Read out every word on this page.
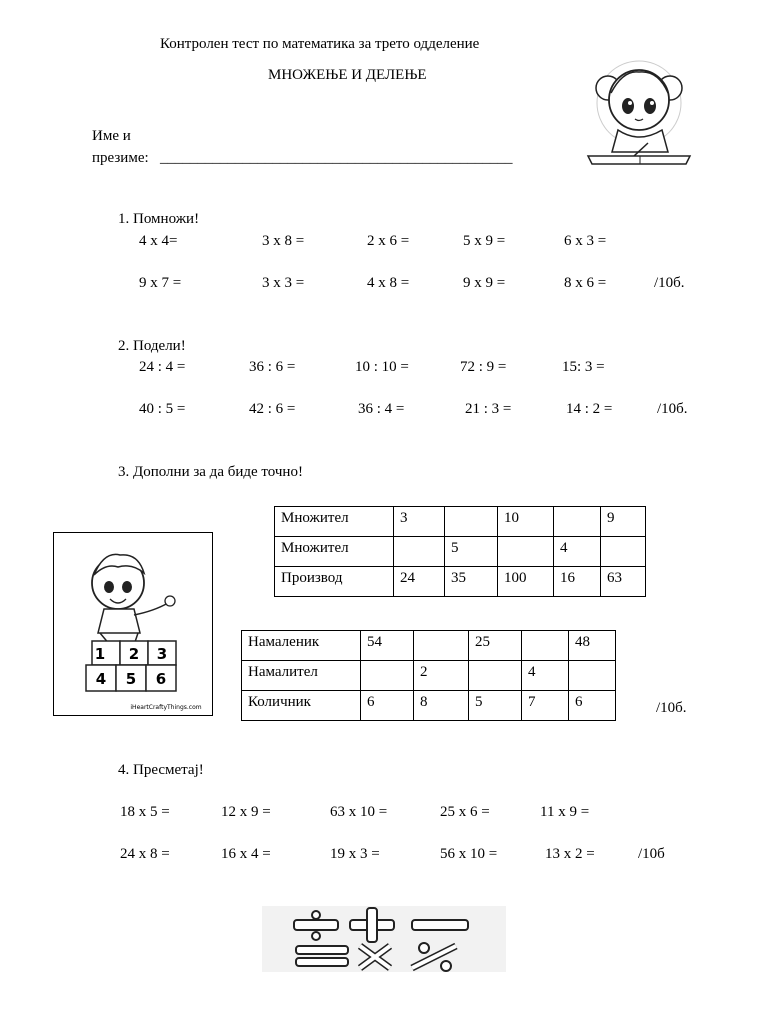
Контролен тест по математика за трето одделение
МНОЖЕЊЕ И ДЕЛЕЊЕ
Име и
презиме: _______________________________________________
1. Помножи!
4 x 4=	3 x 8 =	2 x 6 =	5 x 9 =	6 x 3 =
9 x 7 =	3 x 3 =	4 x 8 =	9 x 9 =	8 x 6 =	/10б.
2. Подели!
24 : 4 =	36 : 6 =	10 : 10 =	72 : 9 =	15: 3 =
40 : 5 =	42 : 6 =	36 : 4 =	21 : 3 =	14 : 2 =	/10б.
3. Дополни за да биде точно!
Множител	3		10		9
Множител		5		4	
Производ	24	35	100	16	63
1 2 3
4 5 6
iHeartCraftyThings.com
Намаленик	54		25		48
Намалител		2		4	
Количник	6	8	5	7	6	/10б.
4. Пресметај!
18 x 5 =	12 x 9 =	63 x 10 =	25 x 6 =	11 x 9 =
24 x 8 =	16 x 4 =	19 x 3 =	56 x 10 =	13 x 2 =	/10б
